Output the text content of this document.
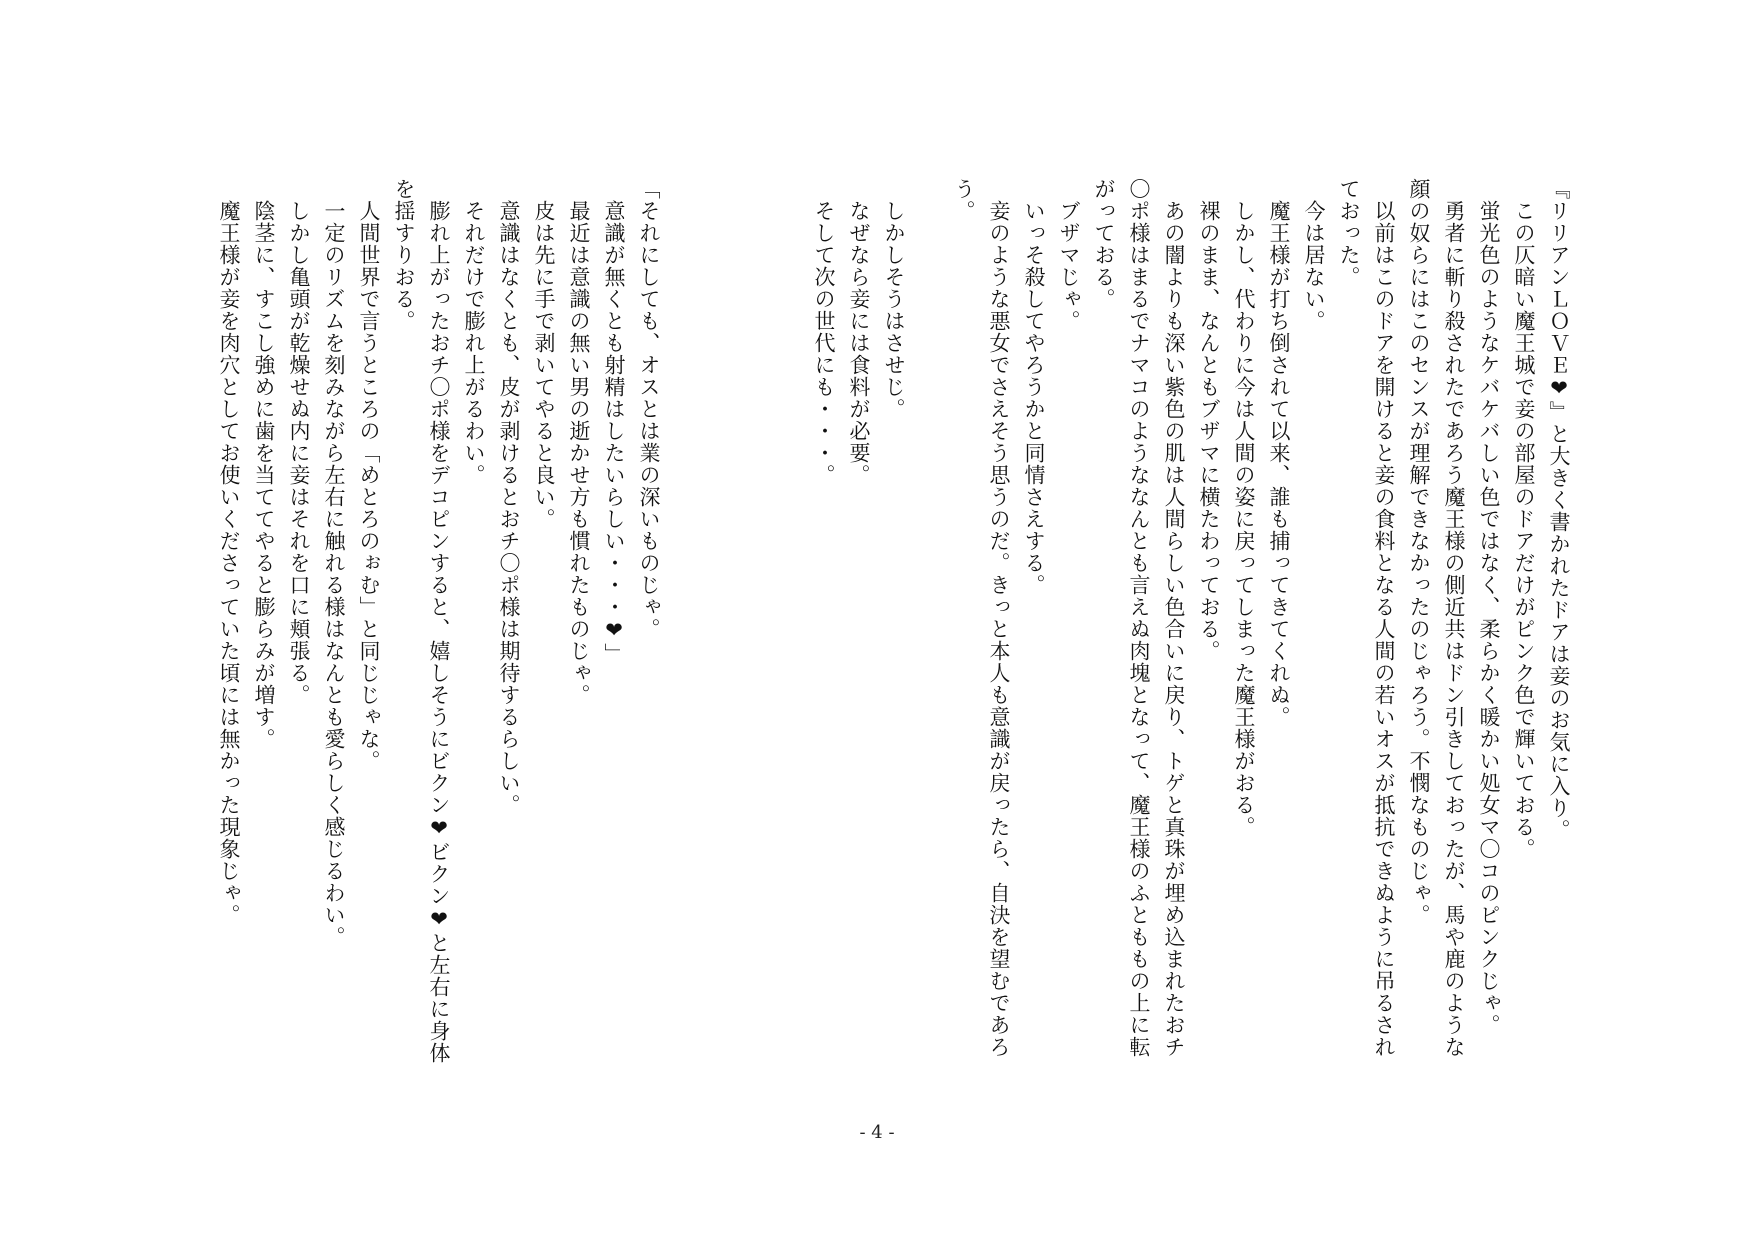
『リリアンＬＯＶＥ❤』と大きく書かれたドアは妾のお気に入り。
　この仄暗い魔王城で妾の部屋のドアだけがピンク色で輝いておる。
　蛍光色のようなケバケバしい色ではなく、柔らかく暖かい処女マ〇コのピンクじゃ。
　勇者に斬り殺されたであろう魔王様の側近共はドン引きしておったが、馬や鹿のような
顔の奴らにはこのセンスが理解できなかったのじゃろう。不憫なものじゃ。
　以前はこのドアを開けると妾の食料となる人間の若いオスが抵抗できぬように吊るされ
ておった。
　今は居ない。
　魔王様が打ち倒されて以来、誰も捕ってきてくれぬ。
　しかし、代わりに今は人間の姿に戻ってしまった魔王様がおる。
　裸のまま、なんともブザマに横たわっておる。
　あの闇よりも深い紫色の肌は人間らしい色合いに戻り、トゲと真珠が埋め込まれたおチ
〇ポ様はまるでナマコのようななんとも言えぬ肉塊となって、魔王様のふとももの上に転
がっておる。
　ブザマじゃ。
　いっそ殺してやろうかと同情さえする。
　妾のような悪女でさえそう思うのだ。きっと本人も意識が戻ったら、自決を望むであろ
う。
　しかしそうはさせじ。
　なぜなら妾には食料が必要。
　そして次の世代にも・・・。
「それにしても、オスとは業の深いものじゃ。
　意識が無くとも射精はしたいらしい・・・❤」
　最近は意識の無い男の逝かせ方も慣れたものじゃ。
　皮は先に手で剥いてやると良い。
　意識はなくとも、皮が剥けるとおチ〇ポ様は期待するらしい。
　それだけで膨れ上がるわい。
　膨れ上がったおチ〇ポ様をデコピンすると、嬉しそうにビクン❤ビクン❤と左右に身体
を揺すりおる。
　人間世界で言うところの「めとろのぉむ」と同じじゃな。
　一定のリズムを刻みながら左右に触れる様はなんとも愛らしく感じるわい。
　しかし亀頭が乾燥せぬ内に妾はそれを口に頬張る。
　陰茎に、すこし強めに歯を当ててやると膨らみが増す。
　魔王様が妾を肉穴としてお使いくださっていた頃には無かった現象じゃ。
- 4 -
